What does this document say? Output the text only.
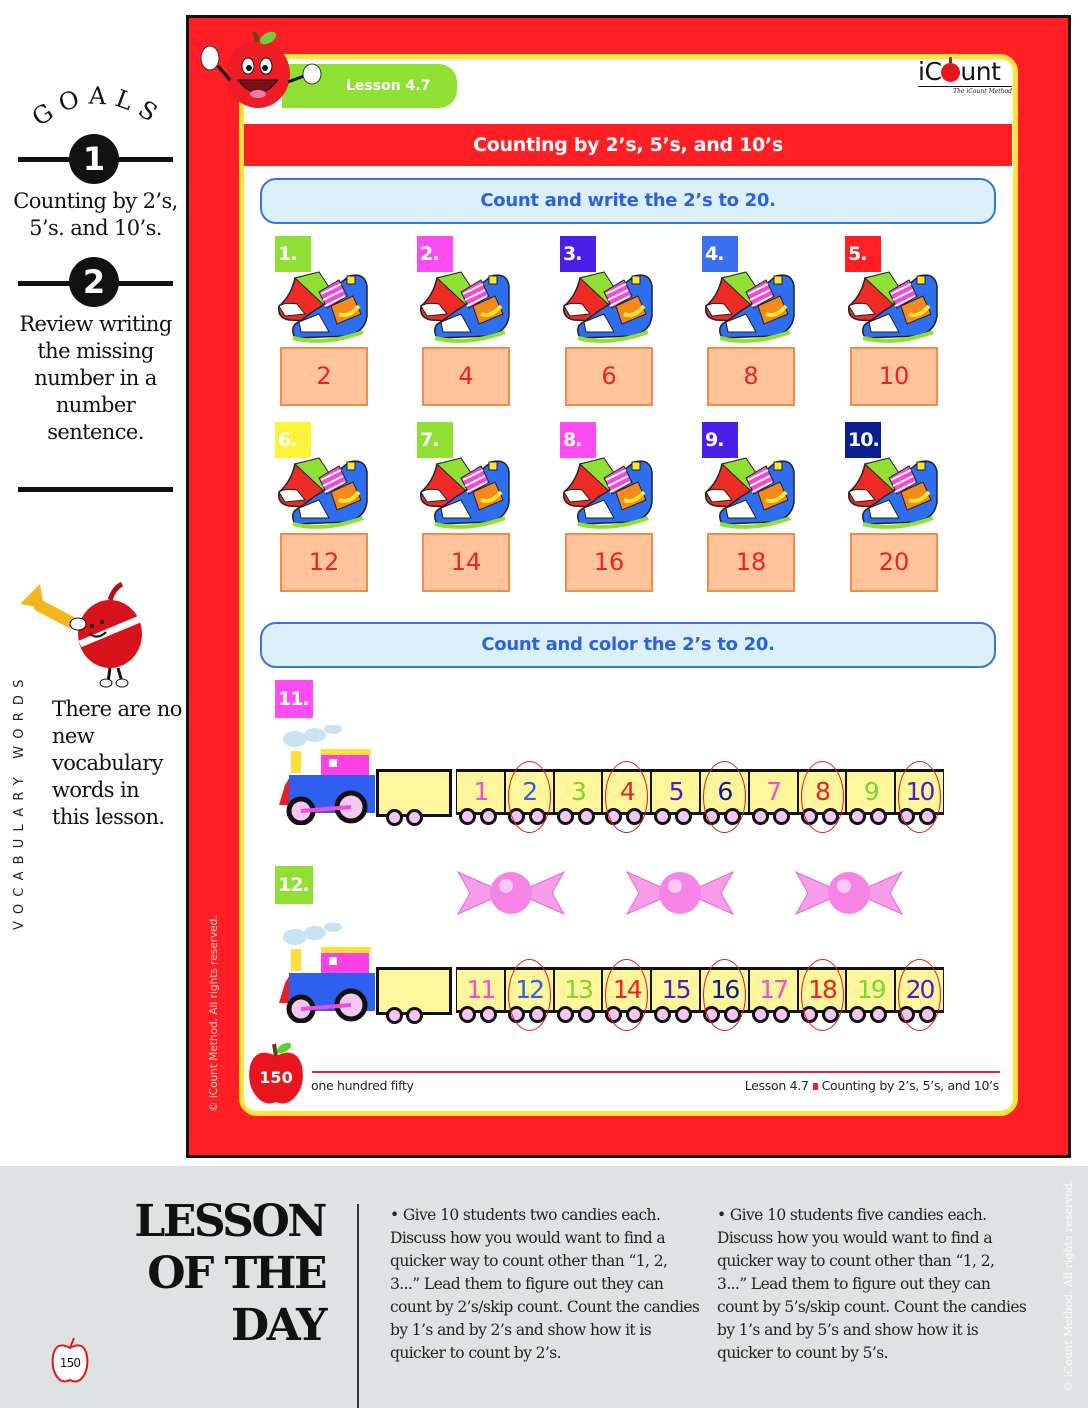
GOALS
1
Counting by 2’s, 5’s. and 10’s.
2
Review writing the missing number in a number sentence.
VOCABULARY WORDS There are no new vocabulary words in this lesson.
© iCount Method. All rights reserved.
Lesson 4.7	iC unt
The iCount Method
Counting by 2’s, 5’s, and 10’s
Count and write the 2’s to 20.
1.
2
2.
4
3.
6
4.
8
5.
10
6.
12
7.
14
8.
16
9.
18
10.
20
Count and color the 2’s to 20.
11.
1	2	3	4	5	6	7	8	9	10
12.
11 12 13 14 15 16 17 18 19 20
150	one hundred fifty	Lesson 4.7 Counting by 2’s, 5’s, and 10’s
LESSON
OF THE
DAY
150
• Give 10 students two candies each. Discuss how you would want to find a quicker way to count other than “1, 2, 3...” Lead them to figure out they can count by 2’s/skip count. Count the candies by 1’s and by 2’s and show how it is quicker to count by 2’s.
• Give 10 students five candies each. Discuss how you would want to find a quicker way to count other than “1, 2, 3...” Lead them to figure out they can count by 5’s/skip count. Count the candies by 1’s and by 5’s and show how it is quicker to count by 5’s.	© iCount Method. All rights reserved.
